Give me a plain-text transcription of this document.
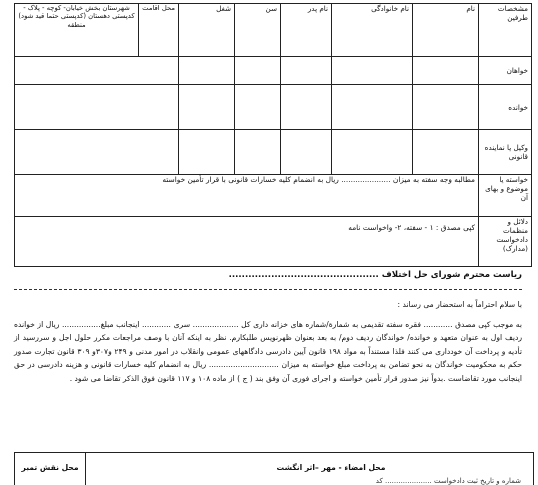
مشخصات طرفین	نام	نام خانوادگی	نام پدر	سن	شغل	محل اقامت	شهرستان بخش خیابان- کوچه - پلاک - کدپستی دهستان (کدپستی حتما قید شود) منطقه
خواهان							
خوانده							
وکیل یا نماینده قانونی							
خواسته یا موضوع و بهای آن	مطالبه وجه سفته به میزان ..................... ریال به انضمام کلیه خسارات قانونی با قرار تأمین خواسته						
دلائل و منظمات دادخواست (مدارک)	کپی مصدق : ۱ - سفته، ۲- واخواست نامه						
ریاست محترم شورای حل اختلاف ..............................................
با سلام احتراماً به استحضار می رساند :
به موجب کپی مصدق ............ فقره سفته تقدیمی به شمارة/شماره های خزانه داری کل ................... سری ............ اینجانب مبلغ................ ریال از خوانده ردیف اول به عنوان متعهد و خوانده/ خواندگان ردیف دوم/ به بعد بعنوان ظهرنویس طلبکارم. نظر به اینکه آنان با وصف مراجعات مکرر حلول اجل و سررسید از تأدیه و پرداخت آن خودداری می کنند فلذا مستنداً به مواد ۱۹۸ قانون آیین دادرسی دادگاههای عمومی وانقلاب در امور مدنی و ۲۴۹ و۳۰۷و ۳۰۹ قانون تجارت صدور حکم به محکومیت خواندگان به نحو تضامن به پرداخت مبلغ خواسته به میزان ............................. ریال به انضمام کلیه خسارات قانونی و هزینه دادرسی در حق اینجانب مورد تقاضاست .بدواً نیز صدور قرار تأمین خواسته و اجرای فوری آن وفق بند ( ج ) از ماده ۱۰۸ و ۱۱۷ قانون فوق الذکر تقاضا می شود .
محل نقش تمبر	محل امضاء - مهر –اثر انگشت
شماره و تاریخ ثبت دادخواست ..................... کد
